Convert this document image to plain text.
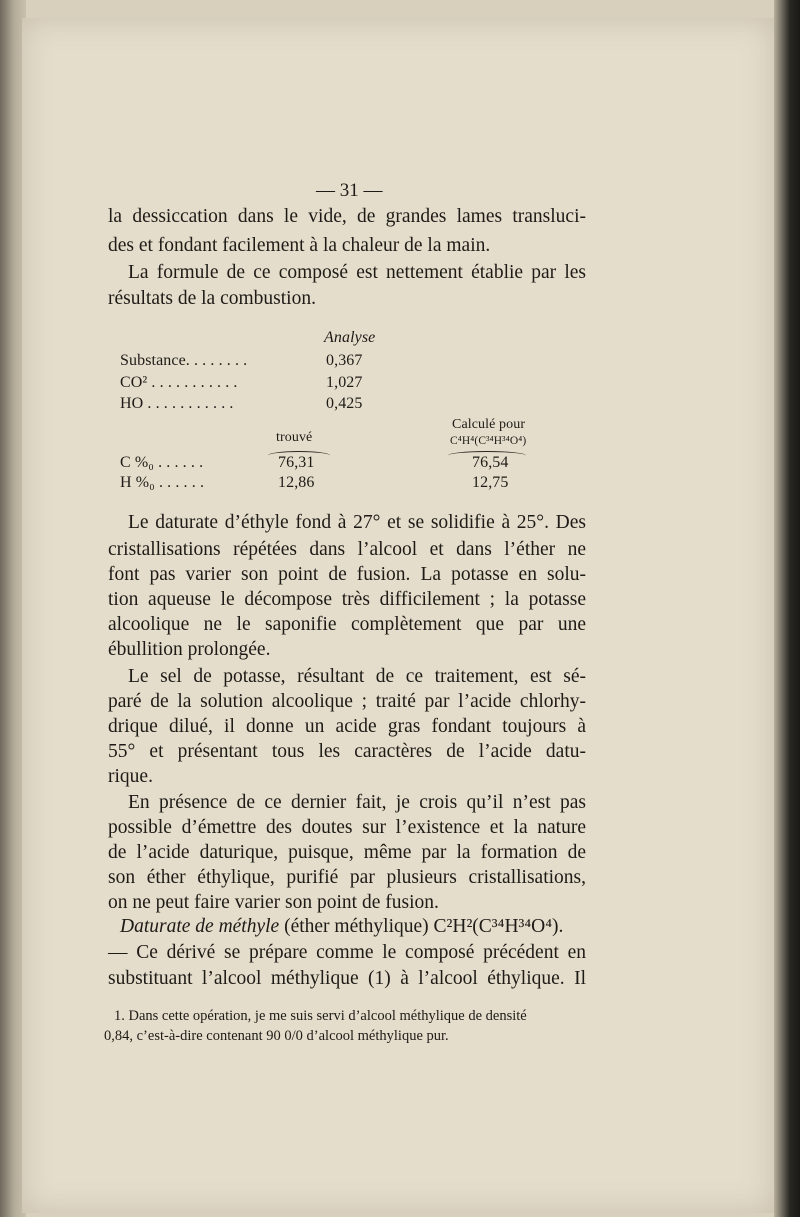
— 31 —
la dessiccation dans le vide, de grandes lames transluci-
des et fondant facilement à la chaleur de la main.
La formule de ce composé est nettement établie par les
résultats de la combustion.
Analyse
Substance. . . . . . . .	0,367
CO² . . . . . . . . . . .	1,027
HO . . . . . . . . . . .	0,425
Calculé pour
C⁴H⁴(C³⁴H³⁴O⁴)
trouvé
C %₀ . . . . . .	76,31	76,54
H %₀ . . . . . .	12,86	12,75
Le daturate d’éthyle fond à 27° et se solidifie à 25°. Des
cristallisations répétées dans l’alcool et dans l’éther ne
font pas varier son point de fusion. La potasse en solu-
tion aqueuse le décompose très difficilement ; la potasse
alcoolique ne le saponifie complètement que par une
ébullition prolongée.
Le sel de potasse, résultant de ce traitement, est sé-
paré de la solution alcoolique ; traité par l’acide chlorhy-
drique dilué, il donne un acide gras fondant toujours à
55° et présentant tous les caractères de l’acide datu-
rique.
En présence de ce dernier fait, je crois qu’il n’est pas
possible d’émettre des doutes sur l’existence et la nature
de l’acide daturique, puisque, même par la formation de
son éther éthylique, purifié par plusieurs cristallisations,
on ne peut faire varier son point de fusion.
Daturate de méthyle (éther méthylique) C²H²(C³⁴H³⁴O⁴).
— Ce dérivé se prépare comme le composé précédent en
substituant l’alcool méthylique (1) à l’alcool éthylique. Il
1. Dans cette opération, je me suis servi d’alcool méthylique de densité
0,84, c’est-à-dire contenant 90 0/0 d’alcool méthylique pur.
